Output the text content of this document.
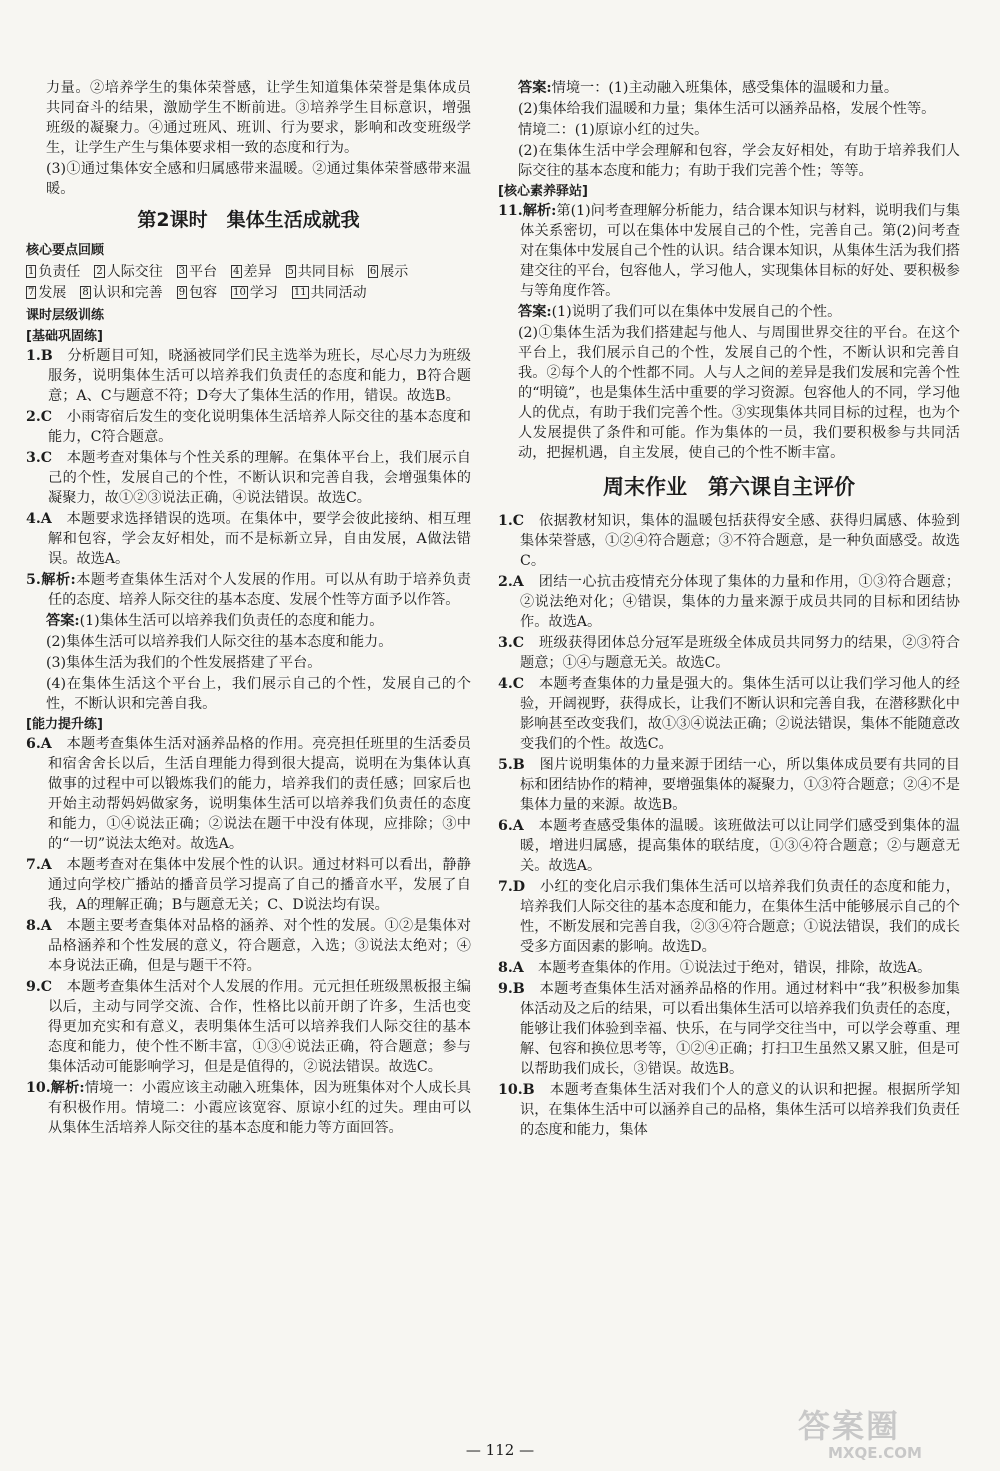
力量。②培养学生的集体荣誉感，让学生知道集体荣誉是集体成员共同奋斗的结果，激励学生不断前进。③培养学生目标意识，增强班级的凝聚力。④通过班风、班训、行为要求，影响和改变班级学生，让学生产生与集体要求相一致的态度和行为。

(3)①通过集体安全感和归属感带来温暖。②通过集体荣誉感带来温暖。

第2课时　集体生活成就我
核心要点回顾
1 负责任 2 人际交往 3 平台 4 差异 5 共同目标 6 展示
7 发展 8 认识和完善 9 包容 10 学习 11 共同活动
课时层级训练
[基础巩固练]

1.B　 分析题目可知，晓涵被同学们民主选举为班长，尽心尽力为班级服务，说明集体生活可以培养我们负责任的态度和能力，B符合题意；A、C与题意不符；D夸大了集体生活的作用，错误。故选B。

2.C　 小雨寄宿后发生的变化说明集体生活培养人际交往的基本态度和能力，C符合题意。

3.C　 本题考查对集体与个性关系的理解。在集体平台上，我们展示自己的个性，发展自己的个性，不断认识和完善自我，会增强集体的凝聚力，故①②③说法正确，④说法错误。故选C。

4.A　 本题要求选择错误的选项。在集体中，要学会彼此接纳、相互理解和包容，学会友好相处，而不是标新立异，自由发展，A做法错误。故选A。

5.解析:本题考查集体生活对个人发展的作用。可以从有助于培养负责任的态度、培养人际交往的基本态度、发展个性等方面予以作答。

答案:(1)集体生活可以培养我们负责任的态度和能力。

(2)集体生活可以培养我们人际交往的基本态度和能力。

(3)集体生活为我们的个性发展搭建了平台。

(4)在集体生活这个平台上，我们展示自己的个性，发展自己的个性，不断认识和完善自我。

[能力提升练]

6.A　 本题考查集体生活对涵养品格的作用。亮亮担任班里的生活委员和宿舍舍长以后，生活自理能力得到很大提高，说明在为集体认真做事的过程中可以锻炼我们的能力，培养我们的责任感；回家后也开始主动帮妈妈做家务，说明集体生活可以培养我们负责任的态度和能力，①④说法正确；②说法在题干中没有体现，应排除；③中的“一切”说法太绝对。故选A。

7.A　 本题考查对在集体中发展个性的认识。通过材料可以看出，静静通过向学校广播站的播音员学习提高了自己的播音水平，发展了自我，A的理解正确；B与题意无关；C、D说法均有误。

8.A　 本题主要考查集体对品格的涵养、对个性的发展。①②是集体对品格涵养和个性发展的意义，符合题意，入选；③说法太绝对；④本身说法正确，但是与题干不符。

9.C　 本题考查集体生活对个人发展的作用。元元担任班级黑板报主编以后，主动与同学交流、合作，性格比以前开朗了许多，生活也变得更加充实和有意义，表明集体生活可以培养我们人际交往的基本态度和能力，使个性不断丰富，①③④说法正确，符合题意；参与集体活动可能影响学习，但是是值得的，②说法错误。故选C。

10.解析:情境一：小霞应该主动融入班集体，因为班集体对个人成长具有积极作用。情境二：小霞应该宽容、原谅小红的过失。理由可以从集体生活培养人际交往的基本态度和能力等方面回答。

答案:情境一：(1)主动融入班集体，感受集体的温暖和力量。

(2)集体给我们温暖和力量；集体生活可以涵养品格，发展个性等。

情境二：(1)原谅小红的过失。

(2)在集体生活中学会理解和包容，学会友好相处，有助于培养我们人际交往的基本态度和能力；有助于我们完善个性；等等。

[核心素养驿站]

11.解析:第(1)问考查理解分析能力，结合课本知识与材料，说明我们与集体关系密切，可以在集体中发展自己的个性，完善自己。第(2)问考查对在集体中发展自己个性的认识。结合课本知识，从集体生活为我们搭建交往的平台，包容他人，学习他人，实现集体目标的好处、要积极参与等角度作答。

答案:(1)说明了我们可以在集体中发展自己的个性。

(2)①集体生活为我们搭建起与他人、与周围世界交往的平台。在这个平台上，我们展示自己的个性，发展自己的个性，不断认识和完善自我。②每个人的个性都不同。人与人之间的差异是我们发展和完善个性的“明镜”，也是集体生活中重要的学习资源。包容他人的不同，学习他人的优点，有助于我们完善个性。③实现集体共同目标的过程，也为个人发展提供了条件和可能。作为集体的一员，我们要积极参与共同活动，把握机遇，自主发展，使自己的个性不断丰富。

周末作业　第六课自主评价

1.C　 依据教材知识，集体的温暖包括获得安全感、获得归属感、体验到集体荣誉感，①②④符合题意；③不符合题意，是一种负面感受。故选C。

2.A　 团结一心抗击疫情充分体现了集体的力量和作用，①③符合题意；②说法绝对化；④错误，集体的力量来源于成员共同的目标和团结协作。故选A。

3.C　 班级获得团体总分冠军是班级全体成员共同努力的结果，②③符合题意；①④与题意无关。故选C。

4.C　 本题考查集体的力量是强大的。集体生活可以让我们学习他人的经验，开阔视野，获得成长，让我们不断认识和完善自我，在潜移默化中影响甚至改变我们，故①③④说法正确；②说法错误，集体不能随意改变我们的个性。故选C。

5.B　 图片说明集体的力量来源于团结一心，所以集体成员要有共同的目标和团结协作的精神，要增强集体的凝聚力，①③符合题意；②④不是集体力量的来源。故选B。

6.A　 本题考查感受集体的温暖。该班做法可以让同学们感受到集体的温暖，增进归属感，提高集体的联结度，①③④符合题意；②与题意无关。故选A。

7.D　 小红的变化启示我们集体生活可以培养我们负责任的态度和能力，培养我们人际交往的基本态度和能力，在集体生活中能够展示自己的个性，不断发展和完善自我，②③④符合题意；①说法错误，我们的成长受多方面因素的影响。故选D。

8.A　 本题考查集体的作用。①说法过于绝对，错误，排除，故选A。

9.B　 本题考查集体生活对涵养品格的作用。通过材料中“我”积极参加集体活动及之后的结果，可以看出集体生活可以培养我们负责任的态度，能够让我们体验到幸福、快乐，在与同学交往当中，可以学会尊重、理解、包容和换位思考等，①②④正确；打扫卫生虽然又累又脏，但是可以帮助我们成长，③错误。故选B。

10.B　 本题考查集体生活对我们个人的意义的认识和把握。根据所学知识，在集体生活中可以涵养自己的品格，集体生活可以培养我们负责任的态度和能力，集体

— 112 —
答案圈
MXQE.COM
